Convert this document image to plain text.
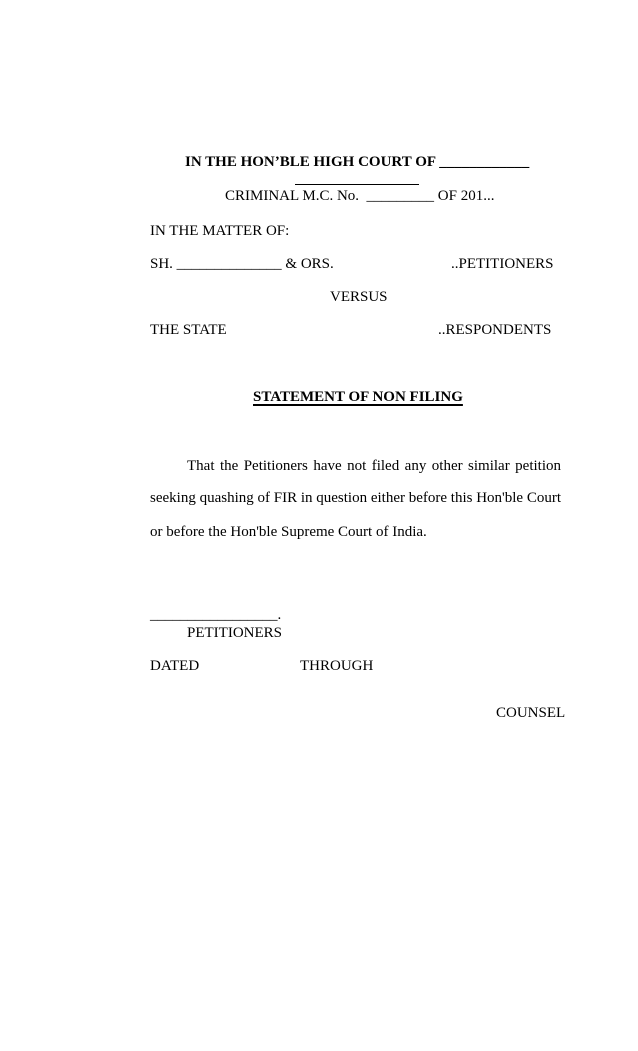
IN THE HON’BLE HIGH COURT OF ____________
CRIMINAL M.C. No.  _________ OF 201...
IN THE MATTER OF:
SH. ______________ & ORS.	..PETITIONERS
VERSUS
THE STATE	..RESPONDENTS
STATEMENT OF NON FILING
That the Petitioners have not filed any other similar petition
seeking quashing of FIR in question either before this Hon'ble Court
or before the Hon'ble Supreme Court of India.
_________________.
PETITIONERS
DATED	THROUGH
COUNSEL
